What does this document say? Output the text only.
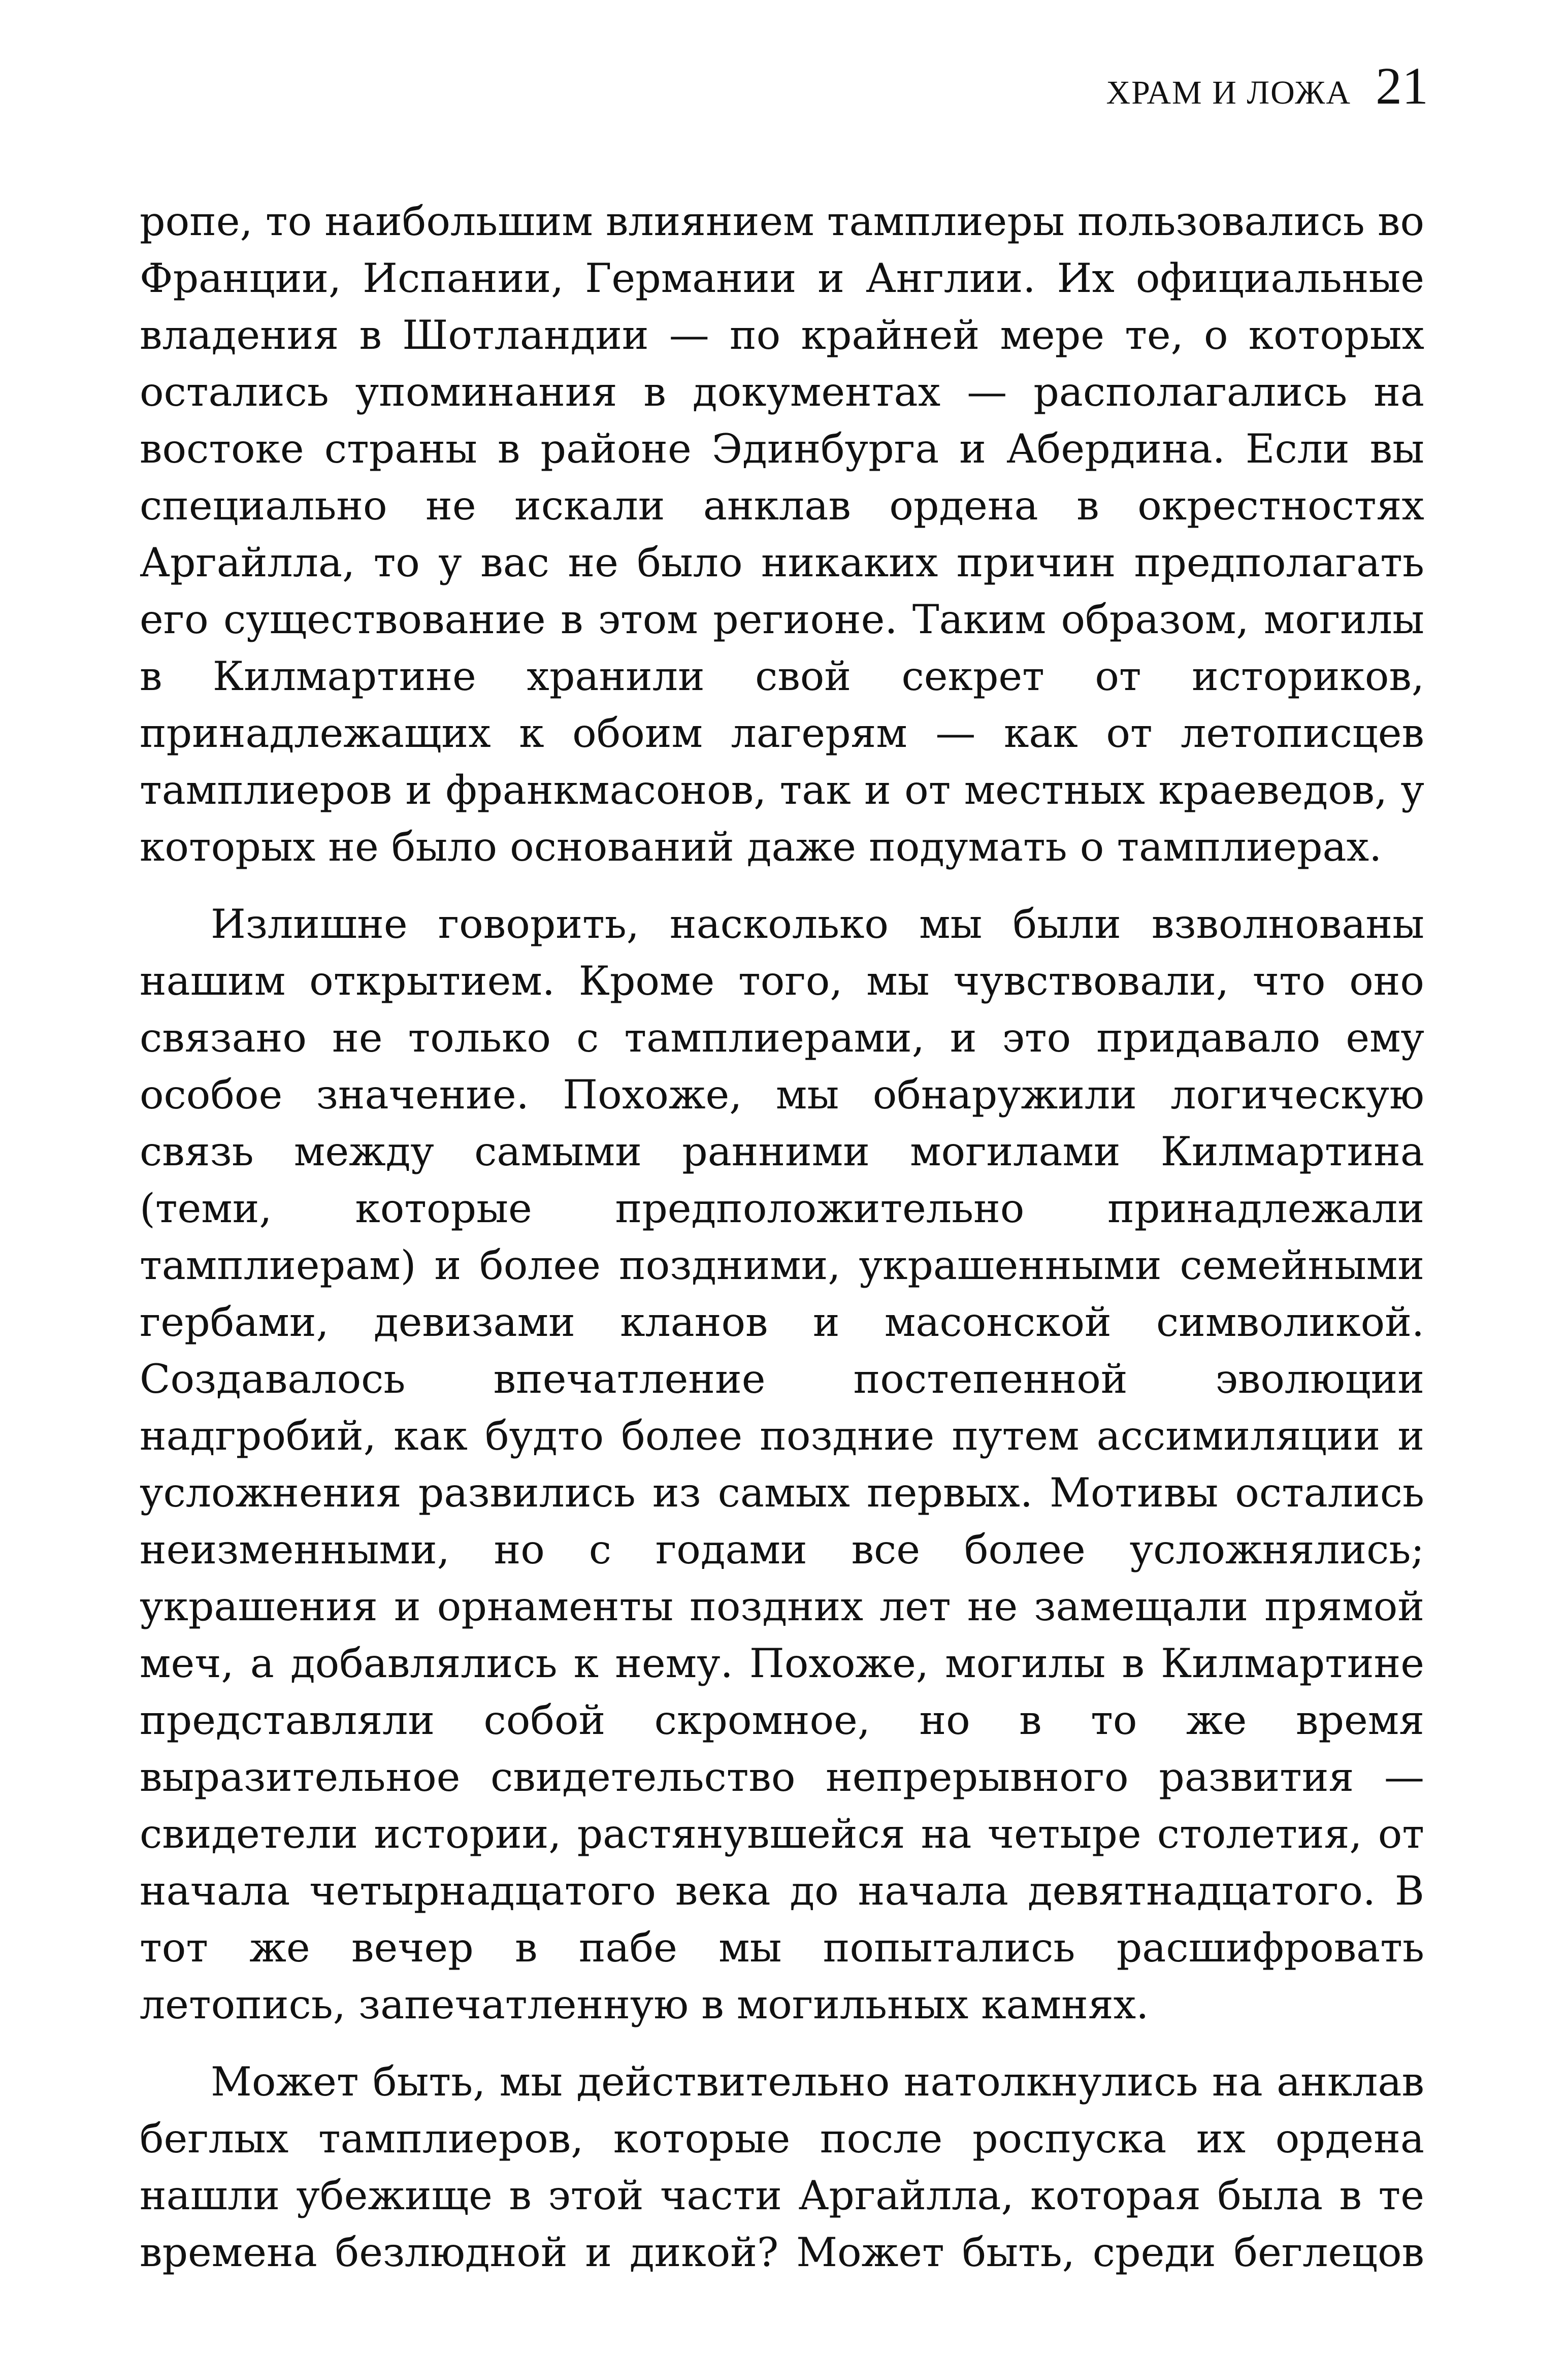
ХРАМ И ЛОЖА 21

ропе, то наибольшим влиянием тамплиеры пользовались во Франции, Испании, Германии и Англии. Их официальные владения в Шотландии — по крайней мере те, о которых остались упоминания в документах — располагались на востоке страны в районе Эдинбурга и Абердина. Если вы специально не искали анклав ордена в окрестностях Аргайлла, то у вас не было никаких причин предполагать его существование в этом регионе. Таким образом, могилы в Килмартине хранили свой секрет от историков, принадлежащих к обоим лагерям — как от летописцев тамплиеров и франкмасонов, так и от местных краеведов, у которых не было оснований даже подумать о тамплиерах.

Излишне говорить, насколько мы были взволнованы нашим открытием. Кроме того, мы чувствовали, что оно связано не только с тамплиерами, и это придавало ему особое значение. Похоже, мы обнаружили логическую связь между самыми ранними могилами Килмартина (теми, которые предположительно принадлежали тамплиерам) и более поздними, украшенными семейными гербами, девизами кланов и масонской символикой. Создавалось впечатление постепенной эволюции надгробий, как будто более поздние путем ассимиляции и усложнения развились из самых первых. Мотивы остались неизменными, но с годами все более усложнялись; украшения и орнаменты поздних лет не замещали прямой меч, а добавлялись к нему. Похоже, могилы в Килмартине представляли собой скромное, но в то же время выразительное свидетельство непрерывного развития — свидетели истории, растянувшейся на четыре столетия, от начала четырнадцатого века до начала девятнадцатого. В тот же вечер в пабе мы попытались расшифровать летопись, запечатленную в могильных камнях.

Может быть, мы действительно натолкнулись на анклав беглых тамплиеров, которые после роспуска их ордена нашли убежище в этой части Аргайлла, которая была в те времена безлюдной и дикой? Может быть, среди беглецов
